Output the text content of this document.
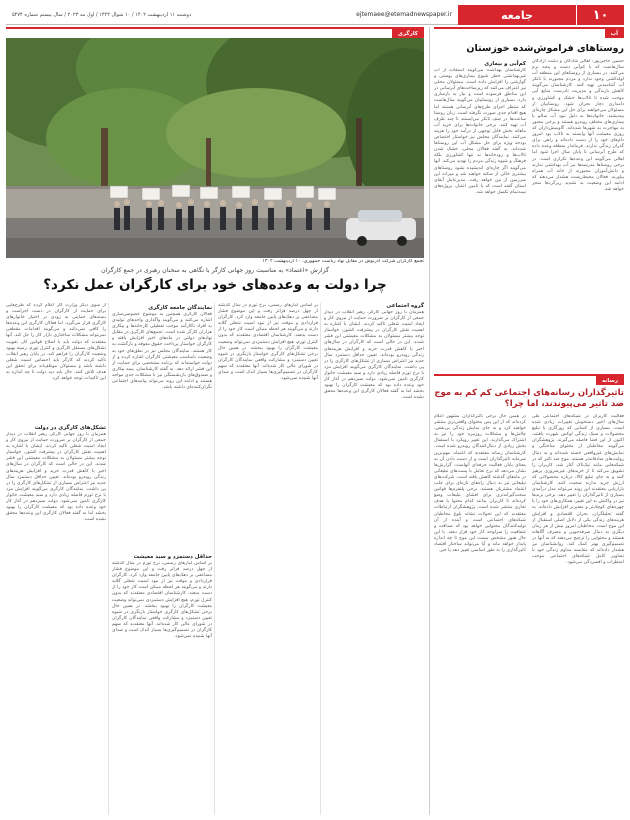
دوشنبه ۱۱ اردیبهشت ۱۴۰۲ / ۱۰ شوال ۱۴۴۴ / اول مه ۲۰۲۳ / سال بیستم شماره ۵۴۷۴	ejtemaee@etemadnewspaper.ir	جامعه	۱۰
آب
روستاهای فراموش‌شده خوزستان
حسین حاجی‌پور: اهالی شادگان و دشت آزادگان سال‌هاست که با کم‌آبی دست و پنجه نرم می‌کنند. در بسیاری از روستاهای این منطقه آب لوله‌کشی وجود ندارد و مردم مجبورند با تانکر آب آشامیدنی تهیه کنند. کارشناسان می‌گویند کاهش بارندگی و مدیریت نادرست منابع آبی موجب شده تا تالاب‌ها خشک و کشاورزی و دامداری دچار بحران شود. روستاییان از مسئولان می‌خواهند برای حل این مشکل چاره‌ای بیندیشند. خانواده‌ها به دلیل نبود آب سالم با بیماری‌های مختلف روبه‌رو هستند و برخی مجبور به مهاجرت به شهرها شده‌اند. گاومیش‌داران که روزی معیشت آنها وابسته به تالاب بود امروز دام‌های خود را از دست داده‌اند و راهی برای گذران زندگی ندارند. فرماندار منطقه وعده داده که طرح آبرسانی تا پایان سال اجرا شود اما اهالی می‌گویند این وعده‌ها تکراری است. در برخی روستاها مدرسه‌ها نیز آب بهداشتی ندارند و دانش‌آموزان مجبورند از خانه آب همراه بیاورند. فعالان محیط‌زیست هشدار می‌دهند که ادامه این وضعیت به تشدید ریزگردها منجر خواهد شد.
کم‌آبی و بیماری
کارشناسان بهداشت می‌گویند استفاده از آب غیربهداشتی خطر شیوع بیماری‌های پوستی و گوارشی را افزایش داده است. مسئولان محلی نیز اعتراف می‌کنند که زیرساخت‌های آبرسانی در این مناطق فرسوده است و نیاز به بازسازی دارد. بسیاری از روستاییان می‌گویند سال‌هاست که منتظر اجرای طرح‌های آبرسانی هستند اما هیچ اقدام جدی صورت نگرفته است. زنان روستا ساعت‌ها در صف تانکر می‌ایستند تا چند ظرف آب تهیه کنند. برخی خانواده‌ها برای خرید آب ماهانه بخش قابل توجهی از درآمد خود را هزینه می‌کنند. نمایندگان مجلس نیز خواستار اختصاص بودجه ویژه برای حل مشکل آب این روستاها شده‌اند. به گفته فعالان محلی، خشک شدن تالاب‌ها و رودخانه‌ها نه تنها کشاورزی بلکه فرهنگ و شیوه زندگی مردم را تهدید می‌کند. آنها می‌گویند اگر چاره‌ای اندیشیده نشود روستاهای بیشتری خالی از سکنه خواهند شد و میراث این سرزمین از بین خواهد رفت. مدیرعامل آبفای استان گفته است که با تامین اعتبار، پروژه‌های نیمه‌تمام تکمیل خواهد شد.
رسانه
تاثیرگذاران رسانه‌های اجتماعی کم کم به موج ضد تاثیر می‌پیوندند، اما چرا؟
فعالیت کاربران در شبکه‌های اجتماعی طی سال‌های اخیر دستخوش تغییرات زیادی شده است. بسیاری از کسانی که روزگاری با تبلیغ محصولات و سبک زندگی لوکس شهرت یافتند، اکنون از این فضا فاصله می‌گیرند. پژوهشگران می‌گویند مخاطبان از محتوای ساختگی و نمایش‌های غیرواقعی خسته شده‌اند و به دنبال روایت‌های صادقانه‌تر هستند. موج ضد تاثیر که در شبکه‌هایی مانند تیک‌تاک آغاز شد، کاربران را تشویق می‌کند تا از خریدهای غیرضروری پرهیز کنند و به جای تبلیغ کالا، درباره محصولاتی که ارزش خرید ندارند صحبت کنند. کارشناسان بازاریابی معتقدند این روند می‌تواند مدل درآمدی بسیاری از تاثیرگذاران را تغییر دهد. برخی برندها نیز در واکنش به این تغییر، همکاری‌های خود را با چهره‌های کوچک‌تر و معتبرتر افزایش داده‌اند. به گفته تحلیلگران، بحران اقتصادی و افزایش هزینه‌های زندگی یکی از دلایل اصلی استقبال از این موج است. مخاطبان امروز بیش از هر زمان دیگری به دنبال صرفه‌جویی و مصرف آگاهانه هستند و محتوایی را ترجیح می‌دهند که به آنها در تصمیم‌گیری بهتر کمک کند. روانشناسان نیز هشدار داده‌اند که مقایسه مداوم زندگی خود با تصاویر کامل شبکه‌های اجتماعی موجب اضطراب و افسردگی می‌شود.
در همین حال برخی تاثیرگذاران مشهور اعلام کرده‌اند که از این پس محتوای واقعی‌تری منتشر خواهند کرد و به جای نمایش زندگی بی‌نقص، چالش‌ها و مشکلات روزمره خود را نیز به اشتراک می‌گذارند. این تغییر رویکرد با استقبال بخش زیادی از دنبال‌کنندگان روبه‌رو شده است. کارشناسان رسانه معتقدند که اعتماد، مهم‌ترین سرمایه تاثیرگذاران است و از دست دادن آن به معنای پایان فعالیت حرفه‌ای آنهاست. گزارش‌ها نشان می‌دهد که نرخ تعامل با پست‌های تبلیغاتی در ماه‌های گذشته کاهش یافته است. شرکت‌های تبلیغاتی نیز به دنبال راه‌های تازه‌ای برای جلب اعتماد مشتریان هستند. برخی پلتفرم‌ها قوانین سخت‌گیرانه‌تری برای افشای تبلیغات وضع کرده‌اند تا کاربران بدانند کدام محتوا با هدف تجاری منتشر شده است. پژوهشگران ارتباطات معتقدند که این تحولات نشانه بلوغ مخاطبان شبکه‌های اجتماعی است و آینده از آن تولیدکنندگان محتوایی خواهد بود که صداقت و شفافیت را سرلوحه کار خود قرار دهند. با این حال هنوز مشخص نیست این موج تا چه اندازه پایدار خواهد ماند و آیا می‌تواند ساختار اقتصاد تاثیرگذاری را به طور اساسی تغییر دهد یا خیر.
کارگری
تجمع کارگران شرکت آذرنوش در مقابل نهاد ریاست جمهوری، ۱۰ اردیبهشت ۱۴۰۲
گزارش «اعتماد» به مناسبت روز جهانی کارگر با نگاهی به سخنان رهبری در جمع کارگران
چرا دولت به وعده‌های خود برای کارگران عمل نکرد؟
گروه اجتماعی
همزمان با روز جهانی کارگر، رهبر انقلاب در دیدار جمعی از کارگران بر ضرورت حمایت از نیروی کار و ایجاد امنیت شغلی تاکید کردند. ایشان با اشاره به اهمیت نقش کارگران در پیشرفت کشور، خواستار توجه بیشتر مسئولان به مشکلات معیشتی این قشر شدند. این در حالی است که کارگران در سال‌های اخیر با کاهش قدرت خرید و افزایش هزینه‌های زندگی روبه‌رو بوده‌اند. تعیین حداقل دستمزد سال جدید نیز اعتراض بسیاری از تشکل‌های کارگری را در پی داشت. نمایندگان کارگری می‌گویند افزایش مزد با نرخ تورم فاصله زیادی دارد و سبد معیشت خانوار کارگری تامین نمی‌شود. دولت سیزدهم در آغاز کار خود وعده داده بود که معیشت کارگران را بهبود بخشد اما به گفته فعالان کارگری این وعده‌ها محقق نشده است.
بر اساس آمارهای رسمی، نرخ تورم در سال گذشته از چهل درصد فراتر رفت و این موضوع فشار مضاعفی بر دهک‌های پایین جامعه وارد کرد. کارگران قراردادی و موقت نیز از نبود امنیت شغلی گلایه دارند و می‌گویند هر لحظه ممکن است کار خود را از دست بدهند. کارشناسان اقتصادی معتقدند که بدون کنترل تورم، هیچ افزایش دستمزدی نمی‌تواند وضعیت معیشت کارگران را بهبود ببخشد. در همین حال برخی تشکل‌های کارگری خواستار بازنگری در شیوه تعیین دستمزد و مشارکت واقعی نمایندگان کارگران در شورای عالی کار شده‌اند. آنها معتقدند که سهم کارگران در تصمیم‌گیری‌ها بسیار اندک است و صدای آنها شنیده نمی‌شود.
نمایندگان جامعه کارگری
فعالان کارگری همچنین به موضوع خصوصی‌سازی اشاره می‌کنند و می‌گویند واگذاری واحدهای تولیدی به افراد ناکارآمد موجب تعطیلی کارخانه‌ها و بیکاری هزاران کارگر شده است. تجمع‌های کارگری در مقابل نهادهای دولتی در ماه‌های اخیر افزایش یافته و کارگران خواستار پرداخت حقوق معوقه و بازگشت به کار هستند. نمایندگان مجلس نیز در نطق‌های خود به وضعیت نامناسب معیشتی کارگران اشاره کرده و از دولت خواسته‌اند که برنامه مشخصی برای حمایت از این قشر ارائه دهد. به گفته کارشناسان، بیمه بیکاری و صندوق‌های بازنشستگی نیز با مشکلات جدی مواجه هستند و ادامه این روند می‌تواند پیامدهای اجتماعی نگران‌کننده‌ای داشته باشد.
حداقل دستمزد و سبد معیشت
بر اساس آمارهای رسمی، نرخ تورم در سال گذشته از چهل درصد فراتر رفت و این موضوع فشار مضاعفی بر دهک‌های پایین جامعه وارد کرد. کارگران قراردادی و موقت نیز از نبود امنیت شغلی گلایه دارند و می‌گویند هر لحظه ممکن است کار خود را از دست بدهند. کارشناسان اقتصادی معتقدند که بدون کنترل تورم، هیچ افزایش دستمزدی نمی‌تواند وضعیت معیشت کارگران را بهبود ببخشد. در همین حال برخی تشکل‌های کارگری خواستار بازنگری در شیوه تعیین دستمزد و مشارکت واقعی نمایندگان کارگران در شورای عالی کار شده‌اند. آنها معتقدند که سهم کارگران در تصمیم‌گیری‌ها بسیار اندک است و صدای آنها شنیده نمی‌شود.
از سوی دیگر وزارت کار اعلام کرده که طرح‌هایی برای حمایت از کارگران در دست اجراست و بسته‌های حمایتی به زودی در اختیار خانوارهای کارگری قرار می‌گیرد. اما فعالان کارگری این وعده‌ها را کافی نمی‌دانند و می‌گویند اقدامات مقطعی نمی‌تواند مشکلات ساختاری بازار کار را حل کند. آنها معتقدند که دولت باید با اصلاح قوانین کار، تقویت تشکل‌های مستقل کارگری و کنترل تورم، زمینه بهبود وضعیت کارگران را فراهم کند. در پایان رهبر انقلاب تاکید کردند که کارگر باید احساس امنیت شغلی داشته باشد و مسئولان موظف‌اند برای تحقق این هدف تلاش کنند. حال باید دید دولت تا چه اندازه به این تاکیدات توجه خواهد کرد.
تشکل‌های کارگری در دولت
همزمان با روز جهانی کارگر، رهبر انقلاب در دیدار جمعی از کارگران بر ضرورت حمایت از نیروی کار و ایجاد امنیت شغلی تاکید کردند. ایشان با اشاره به اهمیت نقش کارگران در پیشرفت کشور، خواستار توجه بیشتر مسئولان به مشکلات معیشتی این قشر شدند. این در حالی است که کارگران در سال‌های اخیر با کاهش قدرت خرید و افزایش هزینه‌های زندگی روبه‌رو بوده‌اند. تعیین حداقل دستمزد سال جدید نیز اعتراض بسیاری از تشکل‌های کارگری را در پی داشت. نمایندگان کارگری می‌گویند افزایش مزد با نرخ تورم فاصله زیادی دارد و سبد معیشت خانوار کارگری تامین نمی‌شود. دولت سیزدهم در آغاز کار خود وعده داده بود که معیشت کارگران را بهبود بخشد اما به گفته فعالان کارگری این وعده‌ها محقق نشده است.
